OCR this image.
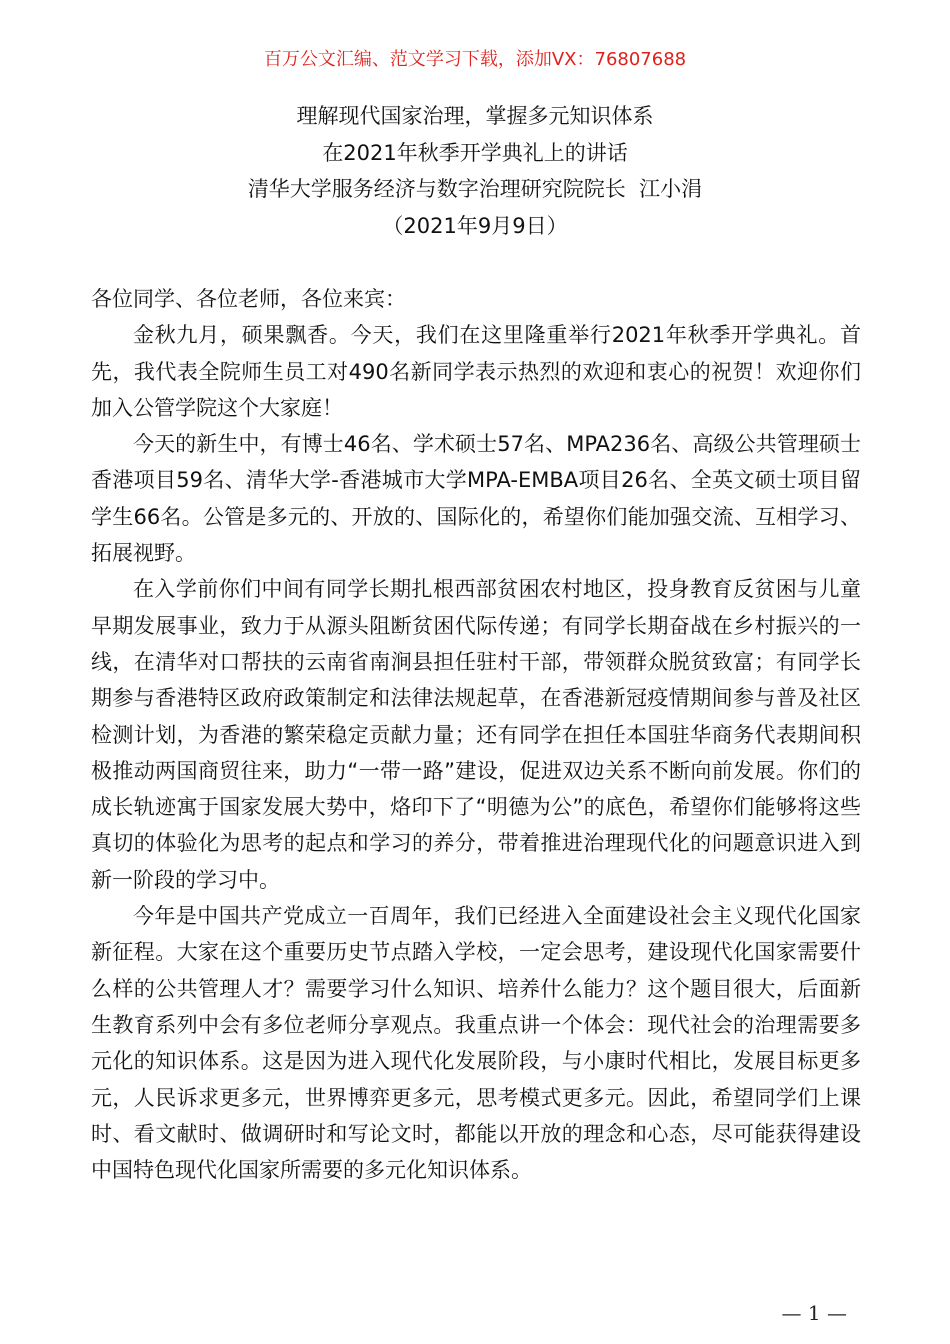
百万公文汇编、范文学习下载，添加VX：76807688
理解现代国家治理，掌握多元知识体系
在2021年秋季开学典礼上的讲话
清华大学服务经济与数字治理研究院院长  江小涓
（2021年9月9日）

各位同学、各位老师，各位来宾：

金秋九月，硕果飘香。今天，我们在这里隆重举行2021年秋季开学典礼。首先，我代表全院师生员工对490名新同学表示热烈的欢迎和衷心的祝贺！欢迎你们加入公管学院这个大家庭！

今天的新生中，有博士46名、学术硕士57名、MPA236名、高级公共管理硕士香港项目59名、清华大学-香港城市大学MPA-EMBA项目26名、全英文硕士项目留学生66名。公管是多元的、开放的、国际化的，希望你们能加强交流、互相学习、拓展视野。

在入学前你们中间有同学长期扎根西部贫困农村地区，投身教育反贫困与儿童早期发展事业，致力于从源头阻断贫困代际传递；有同学长期奋战在乡村振兴的一线，在清华对口帮扶的云南省南涧县担任驻村干部，带领群众脱贫致富；有同学长期参与香港特区政府政策制定和法律法规起草，在香港新冠疫情期间参与普及社区检测计划，为香港的繁荣稳定贡献力量；还有同学在担任本国驻华商务代表期间积极推动两国商贸往来，助力“一带一路”建设，促进双边关系不断向前发展。你们的成长轨迹寓于国家发展大势中，烙印下了“明德为公”的底色，希望你们能够将这些真切的体验化为思考的起点和学习的养分，带着推进治理现代化的问题意识进入到新一阶段的学习中。

今年是中国共产党成立一百周年，我们已经进入全面建设社会主义现代化国家新征程。大家在这个重要历史节点踏入学校，一定会思考，建设现代化国家需要什么样的公共管理人才？需要学习什么知识、培养什么能力？这个题目很大，后面新生教育系列中会有多位老师分享观点。我重点讲一个体会：现代社会的治理需要多元化的知识体系。这是因为进入现代化发展阶段，与小康时代相比，发展目标更多元，人民诉求更多元，世界博弈更多元，思考模式更多元。因此，希望同学们上课时、看文献时、做调研时和写论文时，都能以开放的理念和心态，尽可能获得建设中国特色现代化国家所需要的多元化知识体系。

— 1 —
